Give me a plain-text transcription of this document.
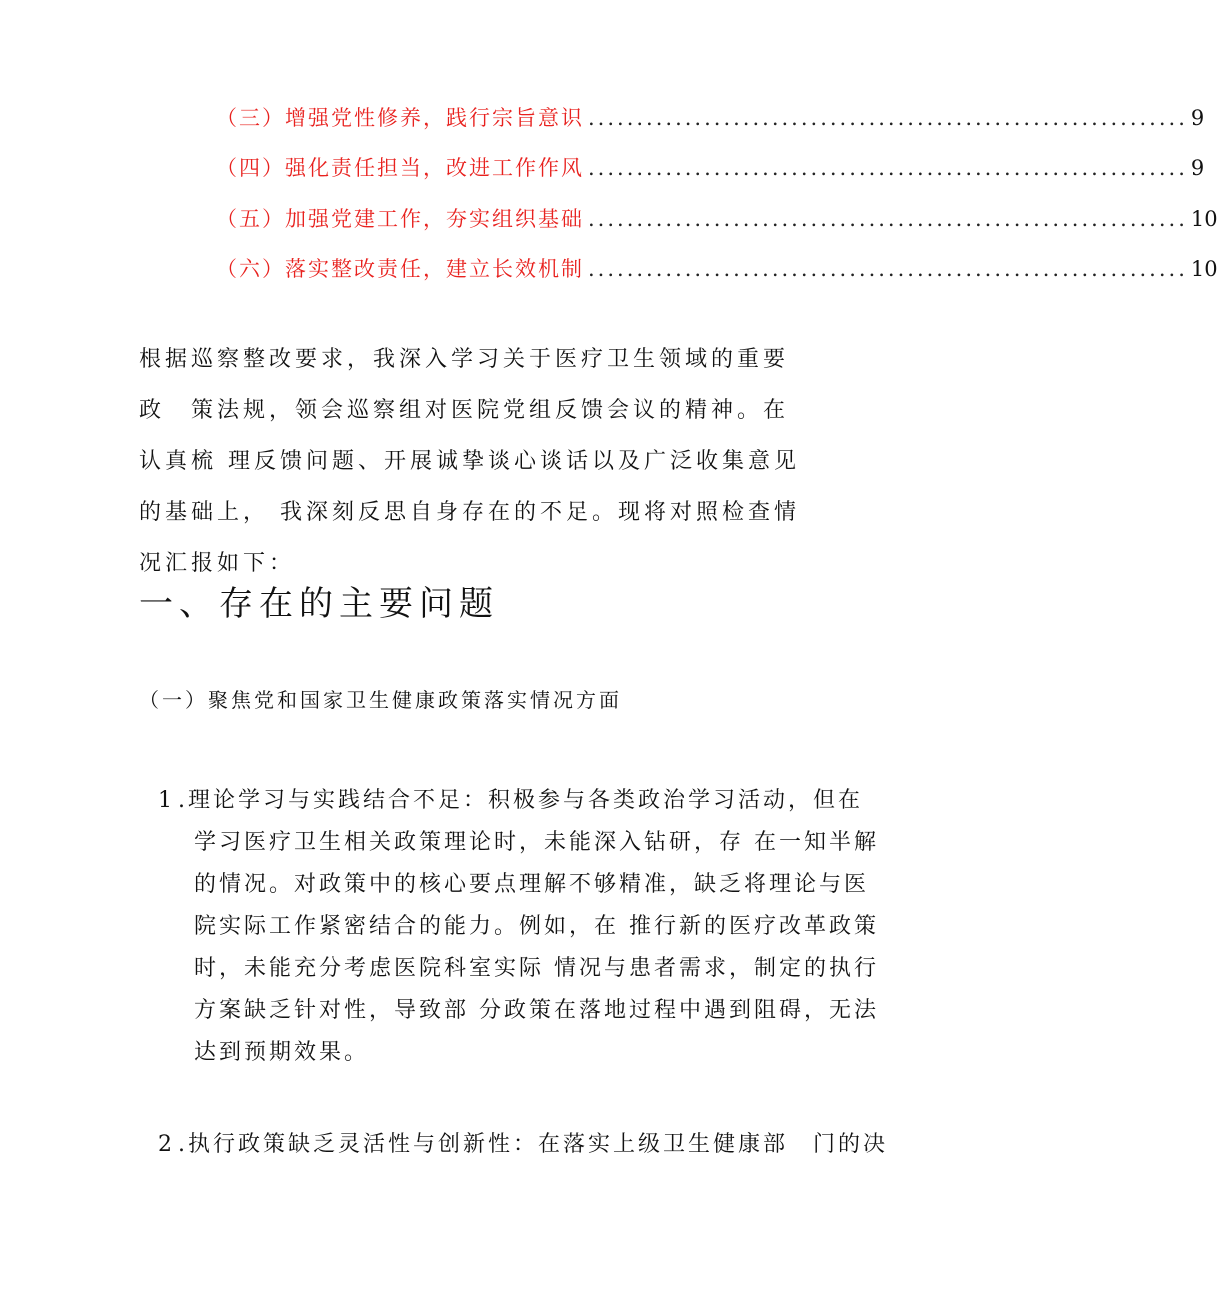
（三）增强党性修养，践行宗旨意识 .............................................................. 9
（四）强化责任担当，改进工作作风 .............................................................. 9
（五）加强党建工作，夯实组织基础 .............................................................. 10
（六）落实整改责任，建立长效机制 .............................................................. 10

根据巡察整改要求，我深入学习关于医疗卫生领域的重要政　策法规，领会巡察组对医院党组反馈会议的精神。在认真梳 理反馈问题、开展诚挚谈心谈话以及广泛收集意见的基础上， 我深刻反思自身存在的不足。现将对照检查情况汇报如下：

一、存在的主要问题
（一）聚焦党和国家卫生健康政策落实情况方面
1 .理论学习与实践结合不足：积极参与各类政治学习活动，但在
学习医疗卫生相关政策理论时，未能深入钻研，存 在一知半解
的情况。对政策中的核心要点理解不够精准，缺乏将理论与医
院实际工作紧密结合的能力。例如，在 推行新的医疗改革政策
时，未能充分考虑医院科室实际 情况与患者需求，制定的执行
方案缺乏针对性，导致部 分政策在落地过程中遇到阻碍，无法
达到预期效果。
2 .执行政策缺乏灵活性与创新性：在落实上级卫生健康部　门的决
